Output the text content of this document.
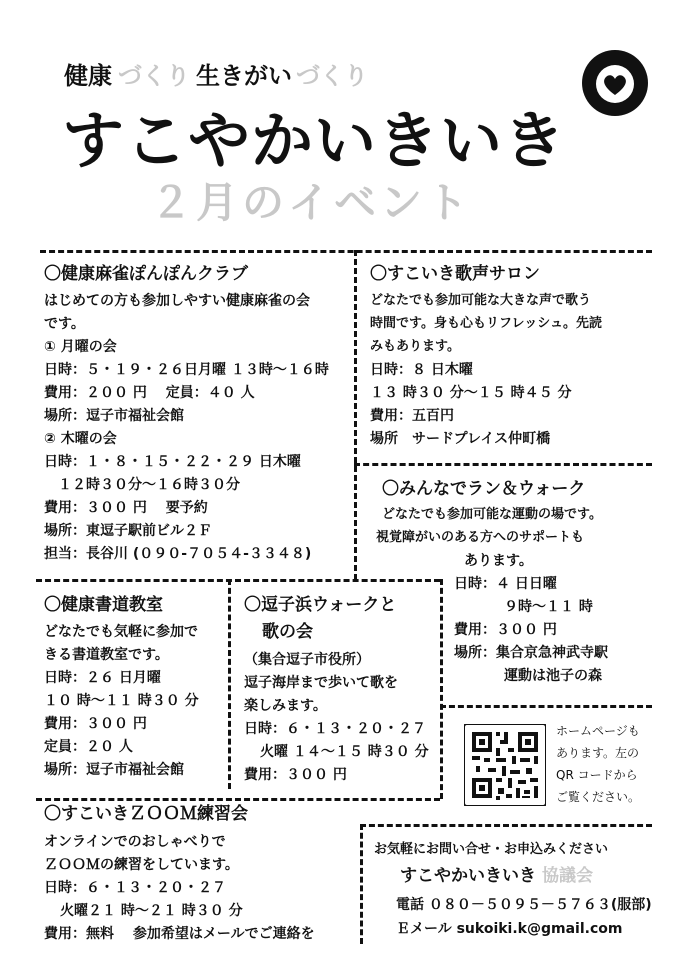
健康 づくり 生きがい づくり
すこやかいきいき
２月のイベント
〇健康麻雀ぽんぽんクラブ
はじめての方も参加しやすい健康麻雀の会
です。
① 月曜の会
日時：５・１９・２６日月曜 １３時～１６時
費用：２００ 円　 定員：４０ 人
場所：逗子市福祉会館
② 木曜の会
日時：１・８・１５・２２・２９ 日木曜
　１２時３０分～１６時３０分
費用：３００ 円　 要予約
場所：東逗子駅前ビル２Ｆ
担当：長谷川 (０９０-７０５４-３３４８)
〇すこいき歌声サロン
どなたでも参加可能な大きな声で歌う
時間です。身も心もリフレッシュ。先読
みもあります。
日時：８ 日木曜
１３ 時３０ 分～１５ 時４５ 分
費用：五百円
場所　サードプレイス仲町橋
〇みんなでラン＆ウォーク
どなたでも参加可能な運動の場です。
視覚障がいのある方へのサポートも
あります。
日時：４ 日日曜
９時～１１ 時
費用：３００ 円
場所：集合京急神武寺駅
運動は池子の森
〇健康書道教室
どなたでも気軽に参加で
きる書道教室です。
日時：２６ 日月曜
１０ 時～１１ 時３０ 分
費用：３００ 円
定員：２０ 人
場所：逗子市福祉会館
〇逗子浜ウォークと
歌の会
（集合逗子市役所）
逗子海岸まで歩いて歌を
楽しみます。
日時：６・１３・２０・２７
火曜 １４～１５ 時３０ 分
費用：３００ 円
ホームページも
あります。左の
QR コードから
ご覧ください。
〇すこいきＺＯＯＭ練習会
オンラインでのおしゃべりで
ＺＯＯＭの練習をしています。
日時：６・１３・２０・２７
火曜２１ 時～２１ 時３０ 分
費用：無料　 参加希望はメールでご連絡を
お気軽にお問い合せ・お申込みください
すこやかいきいき 協議会
電話 ０８０－５０９５－５７６３(服部)
Ｅメール sukoiki.k@gmail.com
